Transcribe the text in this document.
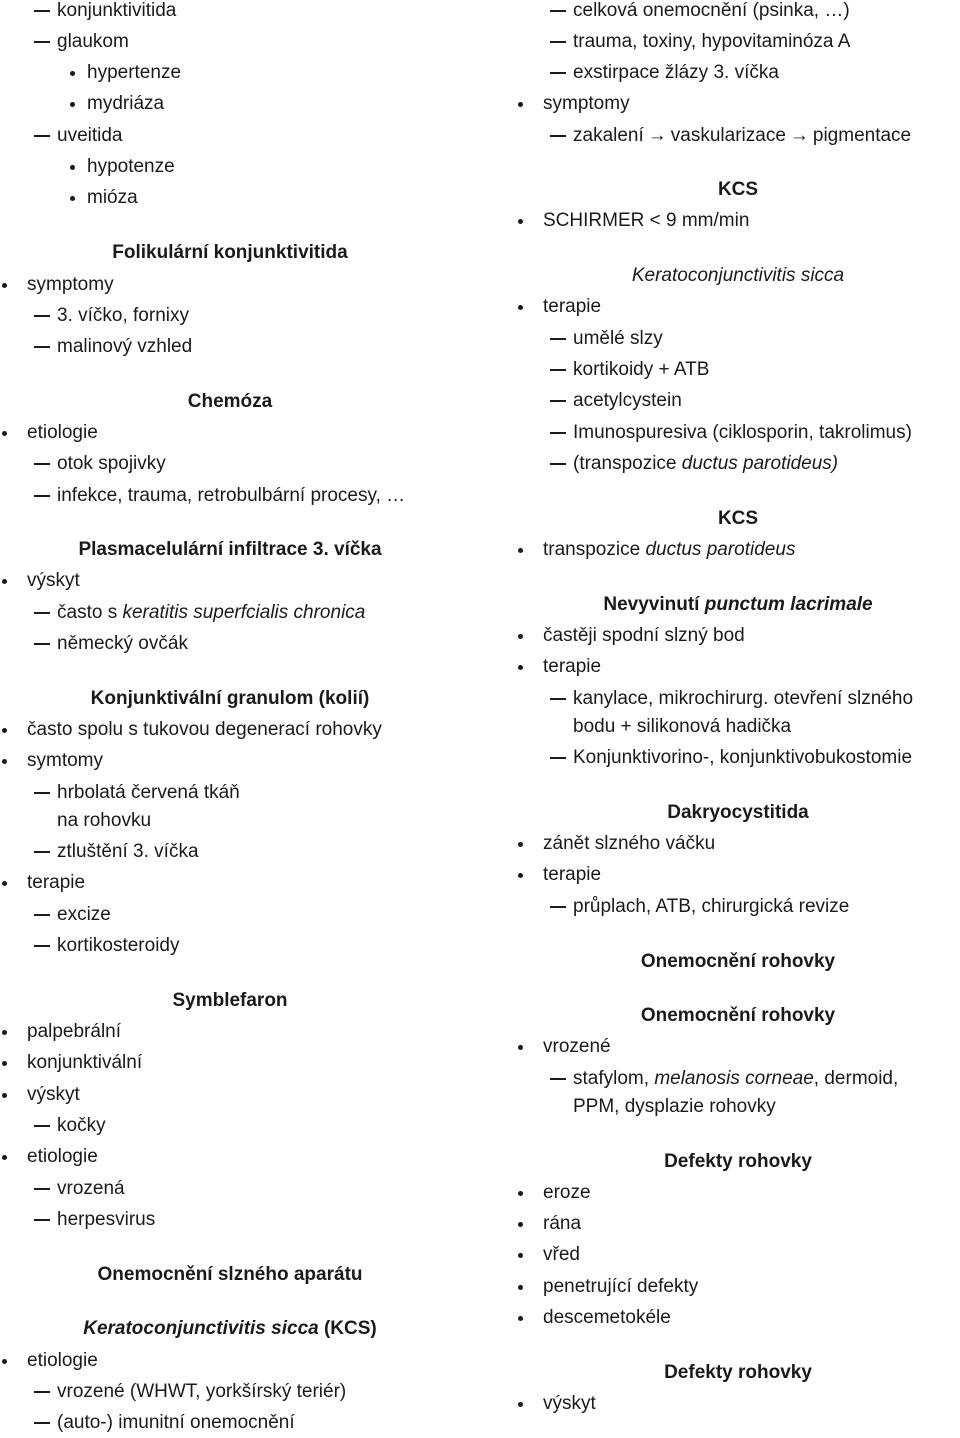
konjunktivitida
glaukom
hypertenze
mydriáza
uveitida
hypotenze
mióza
Folikulární konjunktivitida
symptomy
3. víčko, fornixy
malinový vzhled
Chemóza
etiologie
otok spojivky
infekce, trauma, retrobulbární procesy, …
Plasmacelulární infiltrace 3. víčka
výskyt
často s keratitis superfcialis chronica
německý ovčák
Konjunktivální granulom (kolií)
často spolu s tukovou degenerací rohovky
symtomy
hrbolatá červená tkáň
na rohovku
ztluštění 3. víčka
terapie
excize
kortikosteroidy
Symblefaron
palpebrální
konjunktivální
výskyt
kočky
etiologie
vrozená
herpesvirus
Onemocnění slzného aparátu
Keratoconjunctivitis sicca (KCS)
etiologie
vrozené (WHWT, yorkšírský teriér)
(auto-) imunitní onemocnění
celková onemocnění (psinka, …)
trauma, toxiny, hypovitaminóza A
exstirpace žlázy 3. víčka
symptomy
zakalení → vaskularizace → pigmentace
KCS
SCHIRMER < 9 mm/min
Keratoconjunctivitis sicca
terapie
umělé slzy
kortikoidy + ATB
acetylcystein
Imunospuresiva (ciklosporin, takrolimus)
(transpozice ductus parotideus)
KCS
transpozice ductus parotideus
Nevyvinutí punctum lacrimale
častěji spodní slzný bod
terapie
kanylace, mikrochirurg. otevření slzného
bodu + silikonová hadička
Konjunktivorino-, konjunktivobukostomie
Dakryocystitida
zánět slzného váčku
terapie
průplach, ATB, chirurgická revize
Onemocnění rohovky
Onemocnění rohovky
vrozené
stafylom, melanosis corneae, dermoid,
PPM, dysplazie rohovky
Defekty rohovky
eroze
rána
vřed
penetrující defekty
descemetokéle
Defekty rohovky
výskyt
